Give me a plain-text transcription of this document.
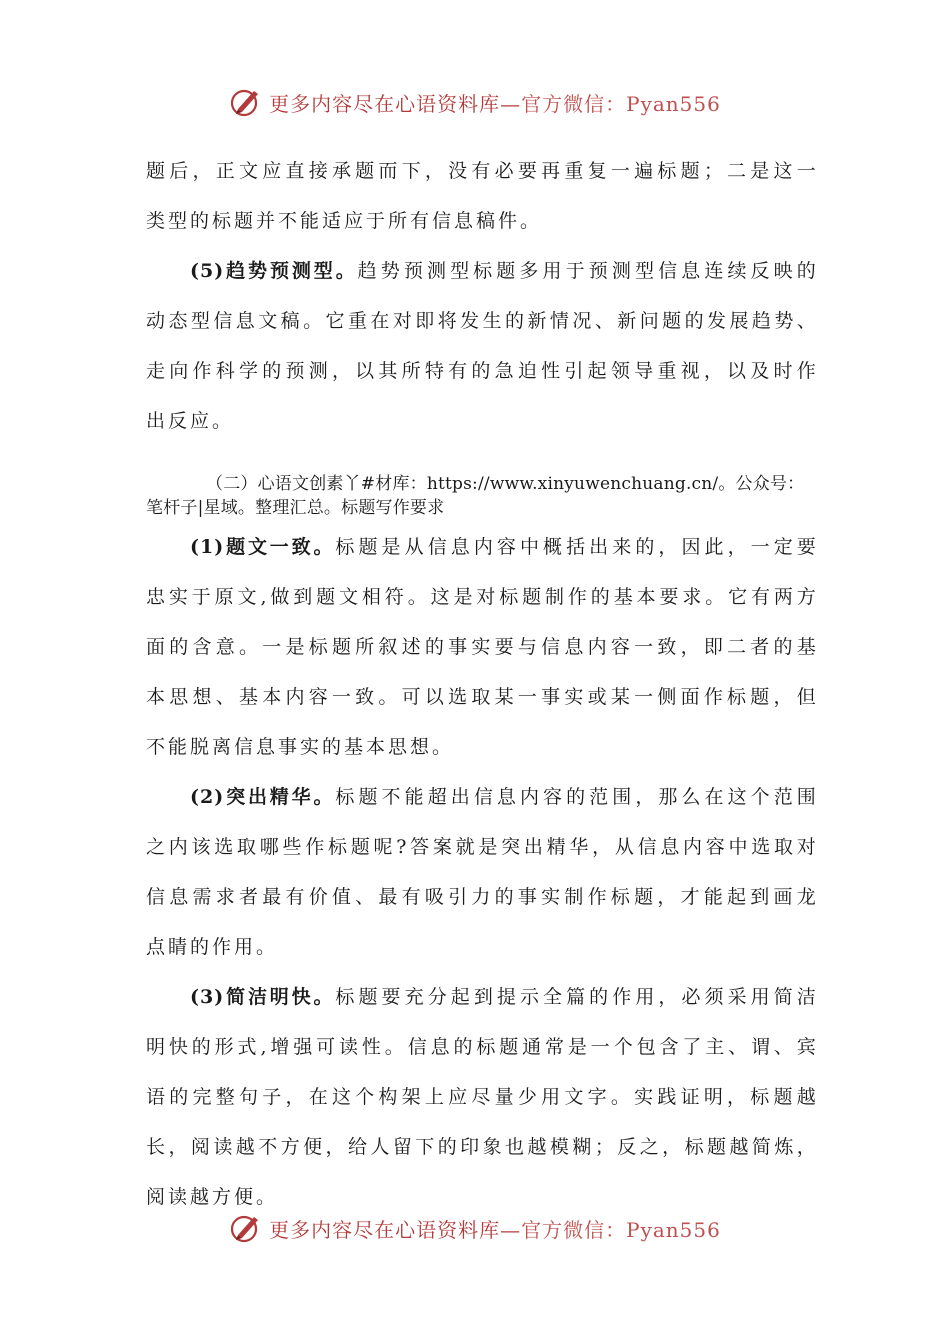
更多内容尽在心语资料库—官方微信：Pyan556
题后，正文应直接承题而下，没有必要再重复一遍标题；二是这一
类型的标题并不能适应于所有信息稿件。
(5)趋势预测型。趋势预测型标题多用于预测型信息连续反映的
动态型信息文稿。它重在对即将发生的新情况、新问题的发展趋势、
走向作科学的预测，以其所特有的急迫性引起领导重视，以及时作
出反应。
（二）心语文创素丫#材库：https://www.xinyuwenchuang.cn/。公众号：
笔杆子|星域。整理汇总。标题写作要求
(1)题文一致。标题是从信息内容中概括出来的，因此，一定要
忠实于原文,做到题文相符。这是对标题制作的基本要求。它有两方
面的含意。一是标题所叙述的事实要与信息内容一致，即二者的基
本思想、基本内容一致。可以选取某一事实或某一侧面作标题，但
不能脱离信息事实的基本思想。
(2)突出精华。标题不能超出信息内容的范围，那么在这个范围
之内该选取哪些作标题呢?答案就是突出精华，从信息内容中选取对
信息需求者最有价值、最有吸引力的事实制作标题，才能起到画龙
点睛的作用。
(3)简洁明快。标题要充分起到提示全篇的作用，必须采用简洁
明快的形式,增强可读性。信息的标题通常是一个包含了主、谓、宾
语的完整句子，在这个构架上应尽量少用文字。实践证明，标题越
长，阅读越不方便，给人留下的印象也越模糊；反之，标题越简炼，
阅读越方便。
更多内容尽在心语资料库—官方微信：Pyan556
